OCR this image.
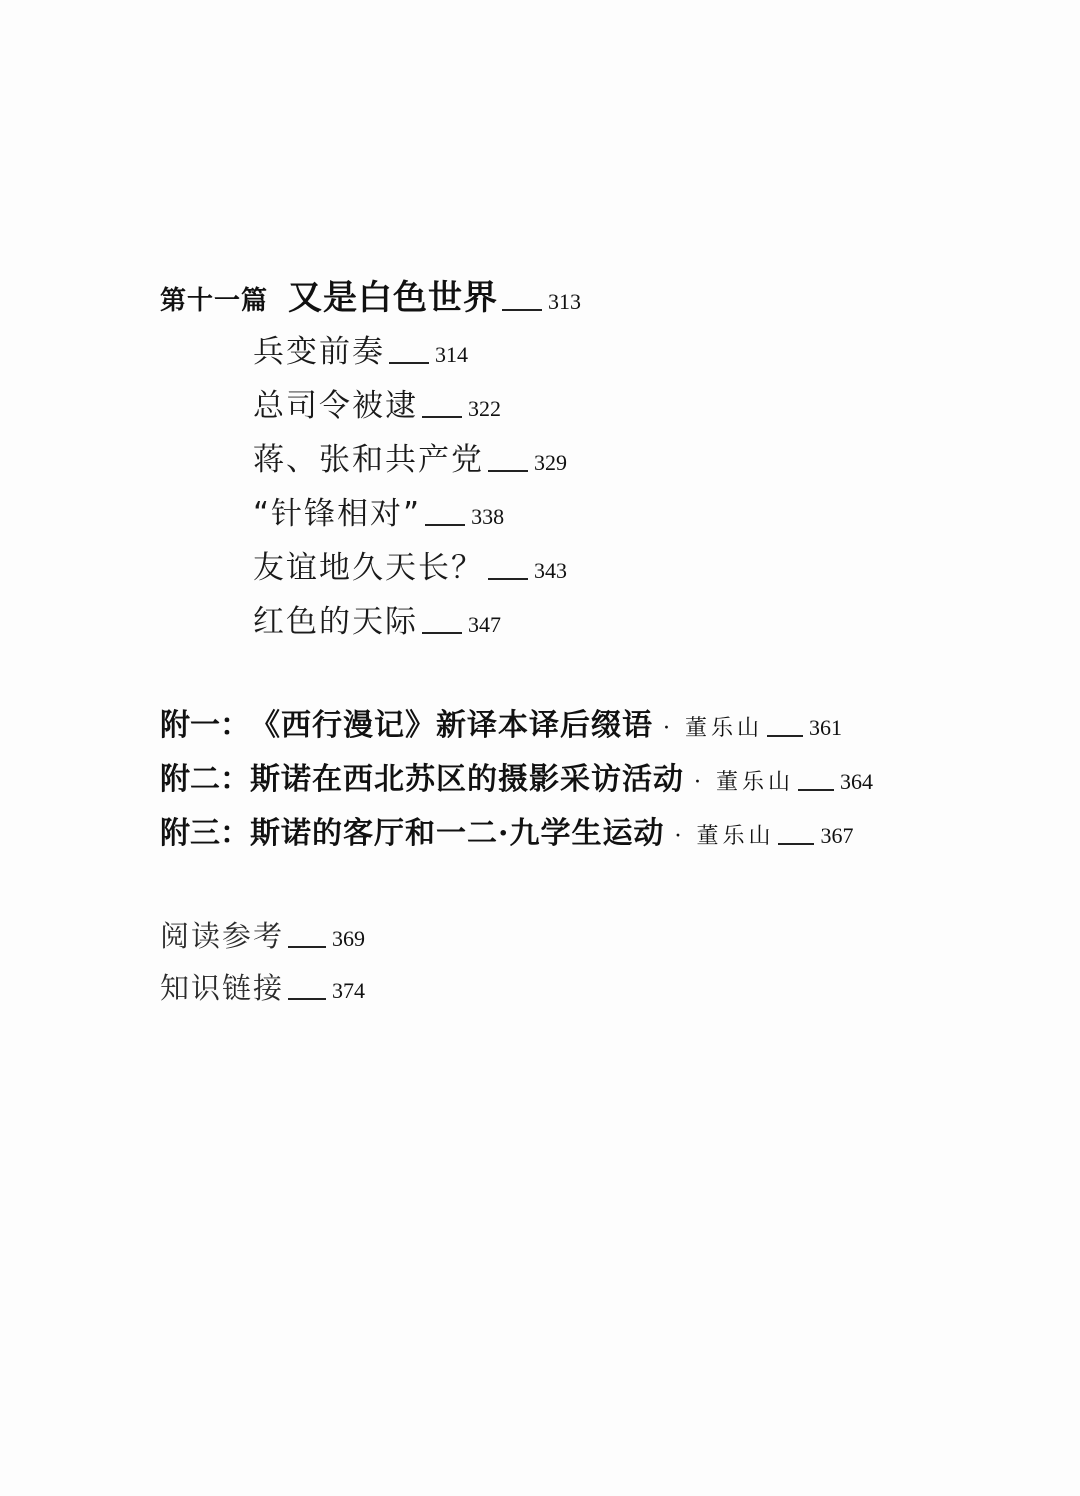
第十一篇 又是白色世界 313
兵变前奏 314
总司令被逮 322
蒋、张和共产党 329
“针锋相对” 338
友谊地久天长？ 343
红色的天际 347
附一： 《西行漫记》新译本译后缀语 · 董乐山 361
附二： 斯诺在西北苏区的摄影采访活动 · 董乐山 364
附三： 斯诺的客厅和一二·九学生运动 · 董乐山 367
阅读参考 369
知识链接 374
